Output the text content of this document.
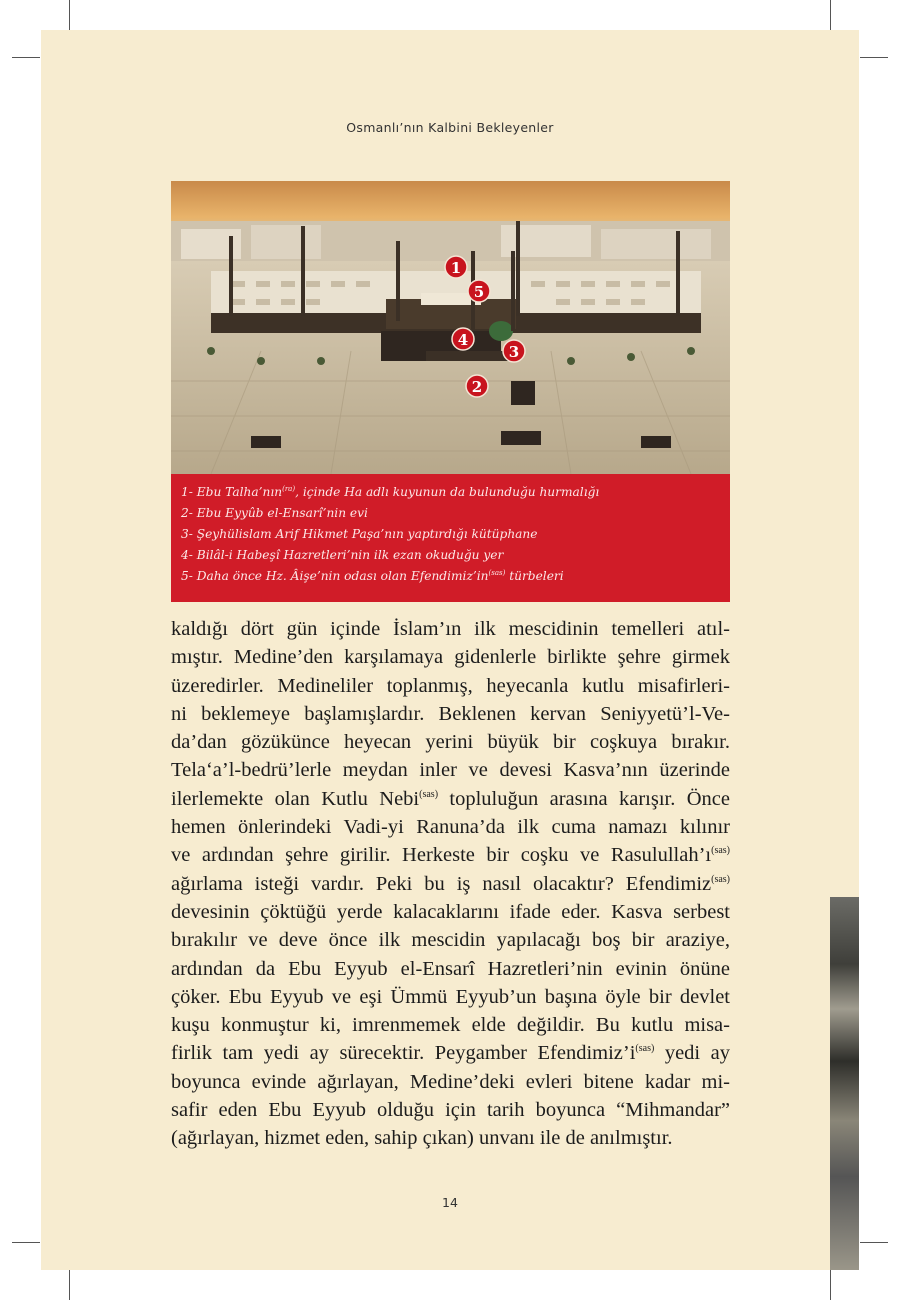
Osmanlı’nın Kalbini Bekleyenler
1
5
4
3
2
1- Ebu Talha’nın$^{(ra)}$, içinde Ha adlı kuyunun da bulunduğu hurmalığı
2- Ebu Eyyûb el-Ensarî’nin evi
3- Şeyhülislam Arif Hikmet Paşa’nın yaptırdığı kütüphane
4- Bilâl-i Habeşî Hazretleri’nin ilk ezan okuduğu yer
5- Daha önce Hz. Âişe’nin odası olan $Efendimiz’in^{(sas)}$ türbeleri
kaldığı dört gün içinde İslam’ın ilk mescidinin temelleri atıl-
mıştır. Medine’den karşılamaya gidenlerle birlikte şehre girmek
üzeredirler. Medineliler toplanmış, heyecanla kutlu misafirleri-
ni beklemeye başlamışlardır. Beklenen kervan Seniyyetü’l-Ve-
da’dan gözükünce heyecan yerini büyük bir coşkuya bırakır.
Tela‘a’l-bedrü’lerle meydan inler ve devesi Kasva’nın üzerinde
ilerlemekte olan Kutlu Nebi$^{(sas)}$ topluluğun arasına karışır. Önce
hemen önlerindeki Vadi-yi Ranuna’da ilk cuma namazı kılınır
ve ardından şehre girilir. Herkeste bir coşku ve $Rasulullah’ı^{(sas)}$
ağırlama isteği vardır. Peki bu iş nasıl olacaktır? Efendimiz$^{(sas)}$
devesinin çöktüğü yerde kalacaklarını ifade eder. Kasva serbest
bırakılır ve deve önce ilk mescidin yapılacağı boş bir araziye,
ardından da Ebu Eyyub el-Ensarî Hazretleri’nin evinin önüne
çöker. Ebu Eyyub ve eşi Ümmü Eyyub’un başına öyle bir devlet
kuşu konmuştur ki, imrenmemek elde değildir. Bu kutlu misa-
firlik tam yedi ay sürecektir. Peygamber $Efendimiz’i^{(sas)}$ yedi ay
boyunca evinde ağırlayan, Medine’deki evleri bitene kadar mi-
safir eden Ebu Eyyub olduğu için tarih boyunca “Mihmandar”
(ağırlayan, hizmet eden, sahip çıkan) unvanı ile de anılmıştır.
14
